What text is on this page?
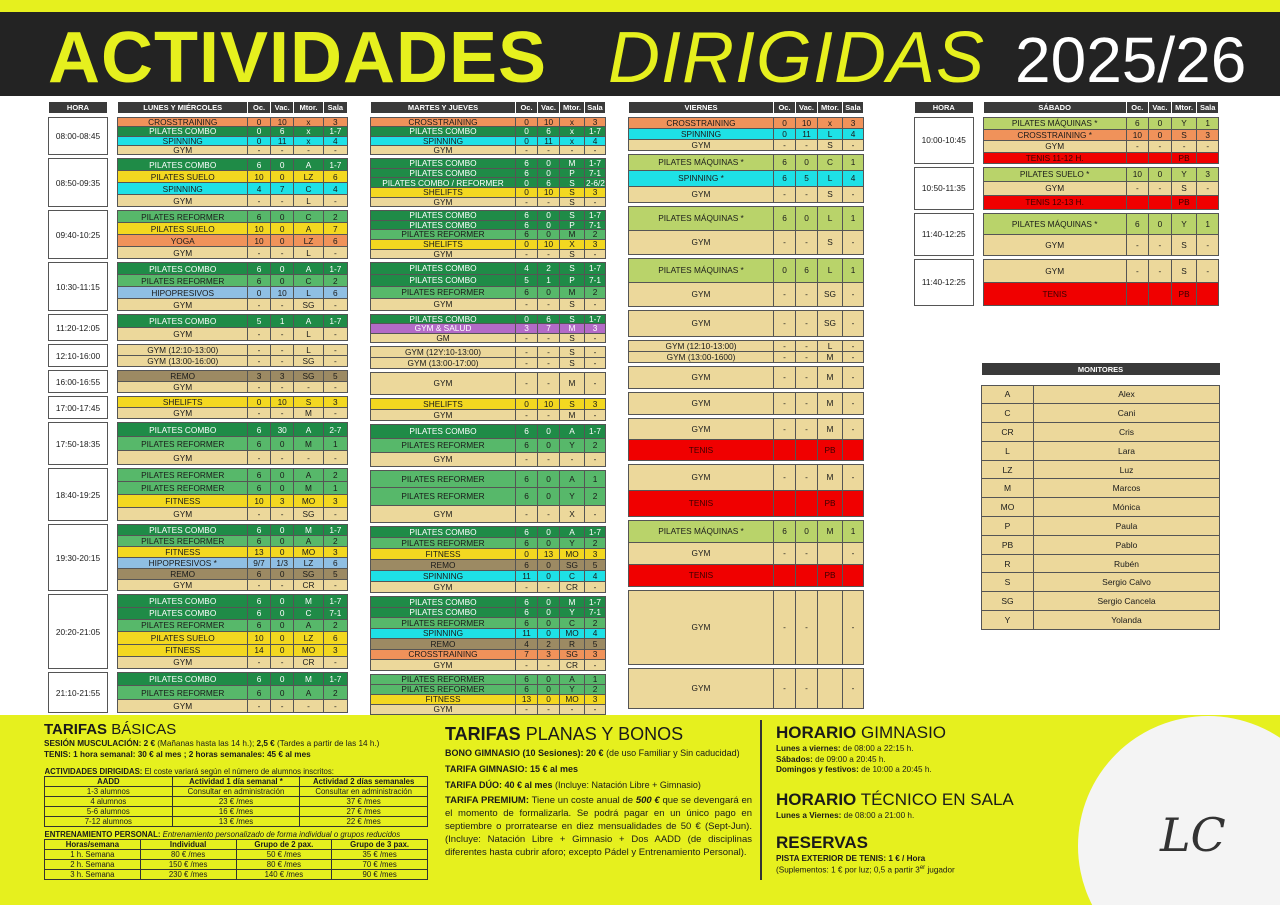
ACTIVIDADES DIRIGIDAS 2025/26
HORA		LUNES Y MIÉRCOLES	Oc.	Vac.	Mtor.	Sala

08:00-08:45		CROSSTRAINING	0	10	x	3
		PILATES COMBO	0	6	x	1-7
		SPINNING	0	11	x	4
		GYM	-	-	-	-

08:50-09:35		PILATES COMBO	6	0	A	1-7
		PILATES SUELO	10	0	LZ	6
		SPINNING	4	7	C	4
		GYM	-	-	L	-

09:40-10:25		PILATES REFORMER	6	0	C	2
		PILATES SUELO	10	0	A	7
		YOGA	10	0	LZ	6
		GYM	-	-	L	-

10:30-11:15		PILATES COMBO	6	0	A	1-7
		PILATES REFORMER	6	0	C	2
		HIPOPRESIVOS	0	10	L	6
		GYM	-	-	SG	-

11:20-12:05		PILATES COMBO	5	1	A	1-7
		GYM	-	-	L	-

12:10-16:00		GYM (12:10-13:00)	-	-	L	-
		GYM (13:00-16:00)	-	-	SG	-

16:00-16:55		REMO	3	3	SG	5
		GYM	-	-	-	-

17:00-17:45		SHELIFTS	0	10	S	3
		GYM	-	-	M	-

17:50-18:35		PILATES COMBO	6	30	A	2-7
		PILATES REFORMER	6	0	M	1
		GYM	-	-	-	-

18:40-19:25		PILATES REFORMER	6	0	A	2
		PILATES REFORMER	6	0	M	1
		FITNESS	10	3	MO	3
		GYM	-	-	SG	-

19:30-20:15		PILATES COMBO	6	0	M	1-7
		PILATES REFORMER	6	0	A	2
		FITNESS	13	0	MO	3
		HIPOPRESIVOS *	9/7	1/3	LZ	6
		REMO	6	0	SG	5
		GYM	-	-	CR	-

20:20-21:05		PILATES COMBO	6	0	M	1-7
		PILATES COMBO	6	0	C	7-1
		PILATES REFORMER	6	0	A	2
		PILATES SUELO	10	0	LZ	6
		FITNESS	14	0	MO	3
		GYM	-	-	CR	-

21:10-21:55		PILATES COMBO	6	0	M	1-7
		PILATES REFORMER	6	0	A	2
		GYM	-	-	-	-
MARTES Y JUEVES	Oc.	Vac.	Mtor.	Sala

CROSSTRAINING	0	10	x	3
PILATES COMBO	0	6	x	1-7
SPINNING	0	11	x	4
GYM	-	-	-	-

PILATES COMBO	6	0	M	1-7
PILATES COMBO	6	0	P	7-1
PILATES COMBO / REFORMER	0	6	S	2-6/2
SHELIFTS	0	10	S	3
GYM	-	-	S	-

PILATES COMBO	6	0	S	1-7
PILATES COMBO	6	0	P	7-1
PILATES REFORMER	6	0	M	2
SHELIFTS	0	10	X	3
GYM	-	-	S	-

PILATES COMBO	4	2	S	1-7
PILATES COMBO	5	1	P	7-1
PILATES REFORMER	6	0	M	2
GYM	-	-	S	-

PILATES COMBO	0	6	S	1-7
GYM & SALUD	3	7	M	3
GM	-	-	S	-

GYM (12Y:10-13:00)	-	-	S	-
GYM (13:00-17:00)	-	-	S	-

GYM	-	-	M	-

SHELIFTS	0	10	S	3
GYM	-	-	M	-

PILATES COMBO	6	0	A	1-7
PILATES REFORMER	6	0	Y	2
GYM	-	-	-	-

PILATES REFORMER	6	0	A	1
PILATES REFORMER	6	0	Y	2
GYM	-	-	X	-

PILATES COMBO	6	0	A	1-7
PILATES REFORMER	6	0	Y	2
FITNESS	0	13	MO	3
REMO	6	0	SG	5
SPINNING	11	0	C	4
GYM	-	-	CR	-

PILATES COMBO	6	0	M	1-7
PILATES COMBO	6	0	Y	7-1
PILATES REFORMER	6	0	C	2
SPINNING	11	0	MO	4
REMO	4	2	R	5
CROSSTRAINING	7	3	SG	3
GYM	-	-	CR	-

PILATES REFORMER	6	0	A	1
PILATES REFORMER	6	0	Y	2
FITNESS	13	0	MO	3
GYM	-	-	-	-
VIERNES	Oc.	Vac.	Mtor.	Sala

CROSSTRAINING	0	10	x	3
SPINNING	0	11	L	4
GYM	-	-	S	-

PILATES MÁQUINAS *	6	0	C	1
SPINNING *	6	5	L	4
GYM	-	-	S	-

PILATES MÁQUINAS *	6	0	L	1
GYM	-	-	S	-

PILATES MÁQUINAS *	0	6	L	1
GYM	-	-	SG	-

GYM	-	-	SG	-

GYM (12:10-13:00)	-	-	L	-
GYM (13:00-1600)	-	-	M	-

GYM	-	-	M	-

GYM	-	-	M	-

GYM	-	-	M	-
TENIS			PB	

GYM	-	-	M	-
TENIS			PB	

PILATES MÁQUINAS *	6	0	M	1
GYM	-	-		-
TENIS			PB	

GYM	-	-		-

GYM	-	-		-
HORA		SÁBADO	Oc.	Vac.	Mtor.	Sala

10:00-10:45		PILATES MÁQUINAS *	6	0	Y	1
		CROSSTRAINING *	10	0	S	3
		GYM	-	-	-	-
		TENIS 11-12 H.			PB	

10:50-11:35		PILATES SUELO *	10	0	Y	3
		GYM	-	-	S	-
		TENIS 12-13 H.			PB	

11:40-12:25		PILATES MÁQUINAS *	6	0	Y	1
		GYM	-	-	S	-

11:40-12:25		GYM	-	-	S	-
		TENIS			PB	
MONITORES	

A	Alex
C	Cani
CR	Cris
L	Lara
LZ	Luz
M	Marcos
MO	Mónica
P	Paula
PB	Pablo
R	Rubén
S	Sergio Calvo
SG	Sergio Cancela
Y	Yolanda
LC
TARIFAS BÁSICAS
SESIÓN MUSCULACIÓN: 2 € (Mañanas hasta las 14 h.); 2,5 € (Tardes a partir de las 14 h.)
TENIS: 1 hora semanal: 30 € al mes ; 2 horas semanales: 45 € al mes
ACTIVIDADES DIRIGIDAS: El coste variará según el número de alumnos inscritos:		
AADD	Actividad 1 día semanal *	Actividad 2 días semanales
1-3 alumnos	Consultar en administración	Consultar en administración
4 alumnos	23 € /mes	37 € /mes
5-6 alumnos	16 € /mes	27 € /mes
7-12 alumnos	13 € /mes	22 € /mes
ENTRENAMIENTO PERSONAL: Entrenamiento personalizado de forma individual o grupos reducidos			
Horas/semana	Individual	Grupo de 2 pax.	Grupo de 3 pax.
1 h. Semana	80 € /mes	50 € /mes	35 € /mes
2 h. Semana	150 € /mes	80 € /mes	70 € /mes
3 h. Semana	230 € /mes	140 € /mes	90 € /mes
TARIFAS PLANAS Y BONOS
BONO GIMNASIO (10 Sesiones): 20 € (de uso Familiar y Sin caducidad)
TARIFA GIMNASIO: 15 € al mes
TARIFA DÚO: 40 € al mes (Incluye: Natación Libre + Gimnasio)
TARIFA PREMIUM: Tiene un coste anual de 500 € que se devengará en el momento de formalizarla. Se podrá pagar en un único pago en septiembre o prorratearse en diez mensualidades de 50 € (Sept-Jun). (Incluye: Natación Libre + Gimnasio + Dos AADD (de disciplinas diferentes hasta cubrir aforo; excepto Pádel y Entrenamiento Personal).
HORARIO GIMNASIO
Lunes a viernes: de 08:00 a 22:15 h.
Sábados: de 09:00 a 20:45 h.
Domingos y festivos: de 10:00 a 20:45 h.
HORARIO TÉCNICO EN SALA
Lunes a Viernes: de 08:00 a 21:00 h.
RESERVAS
PISTA EXTERIOR DE TENIS: 1 € / Hora
(Suplementos: 1 € por luz; 0,5 a partir 3er jugador
